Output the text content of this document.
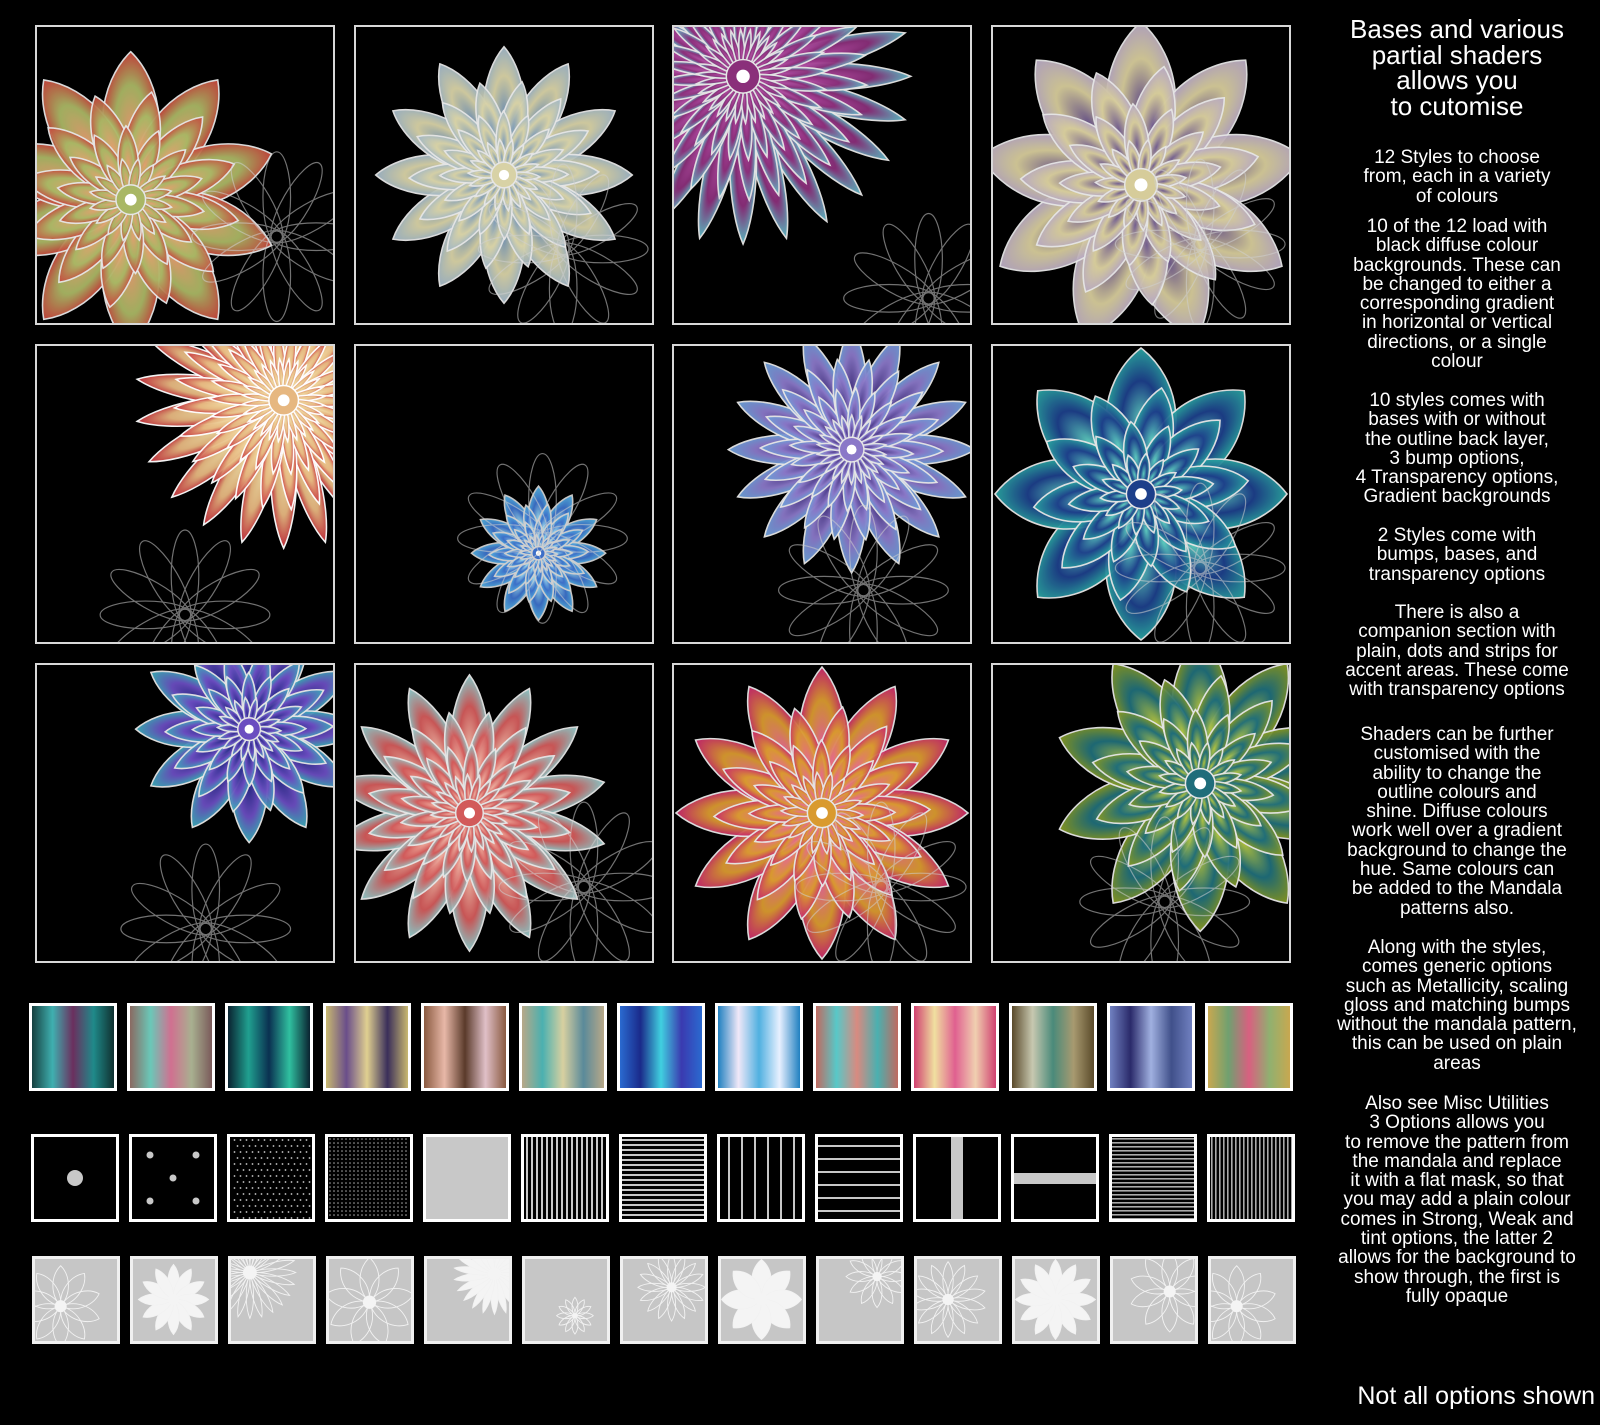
Bases and various
partial shaders
allows you
to cutomise
12 Styles to choose
from, each in a variety
of colours
10 of the 12 load with
black diffuse colour
backgrounds. These can
be changed to either a
corresponding gradient
in horizontal or vertical
directions, or a single
colour
10 styles comes with
bases with or without
the outline back layer,
3 bump options,
4 Transparency options,
Gradient backgrounds
2 Styles come with
bumps, bases, and
transparency options
There is also a
companion section with
plain, dots and strips for
accent areas. These come
with transparency options
Shaders can be further
customised with the
ability to change the
outline colours and
shine. Diffuse colours
work well over a gradient
background to change the
hue. Same colours can
be added to the Mandala
patterns also.
Along with the styles,
comes generic options
such as Metallicity, scaling
gloss and matching bumps
without the mandala pattern,
this can be used on plain
areas
Also see Misc Utilities
3 Options allows you
to remove the pattern from
the mandala and replace
it with a flat mask, so that
you may add a plain colour
comes in Strong, Weak and
tint options, the latter 2
allows for the background to
show through, the first is
fully opaque
Not all options shown
